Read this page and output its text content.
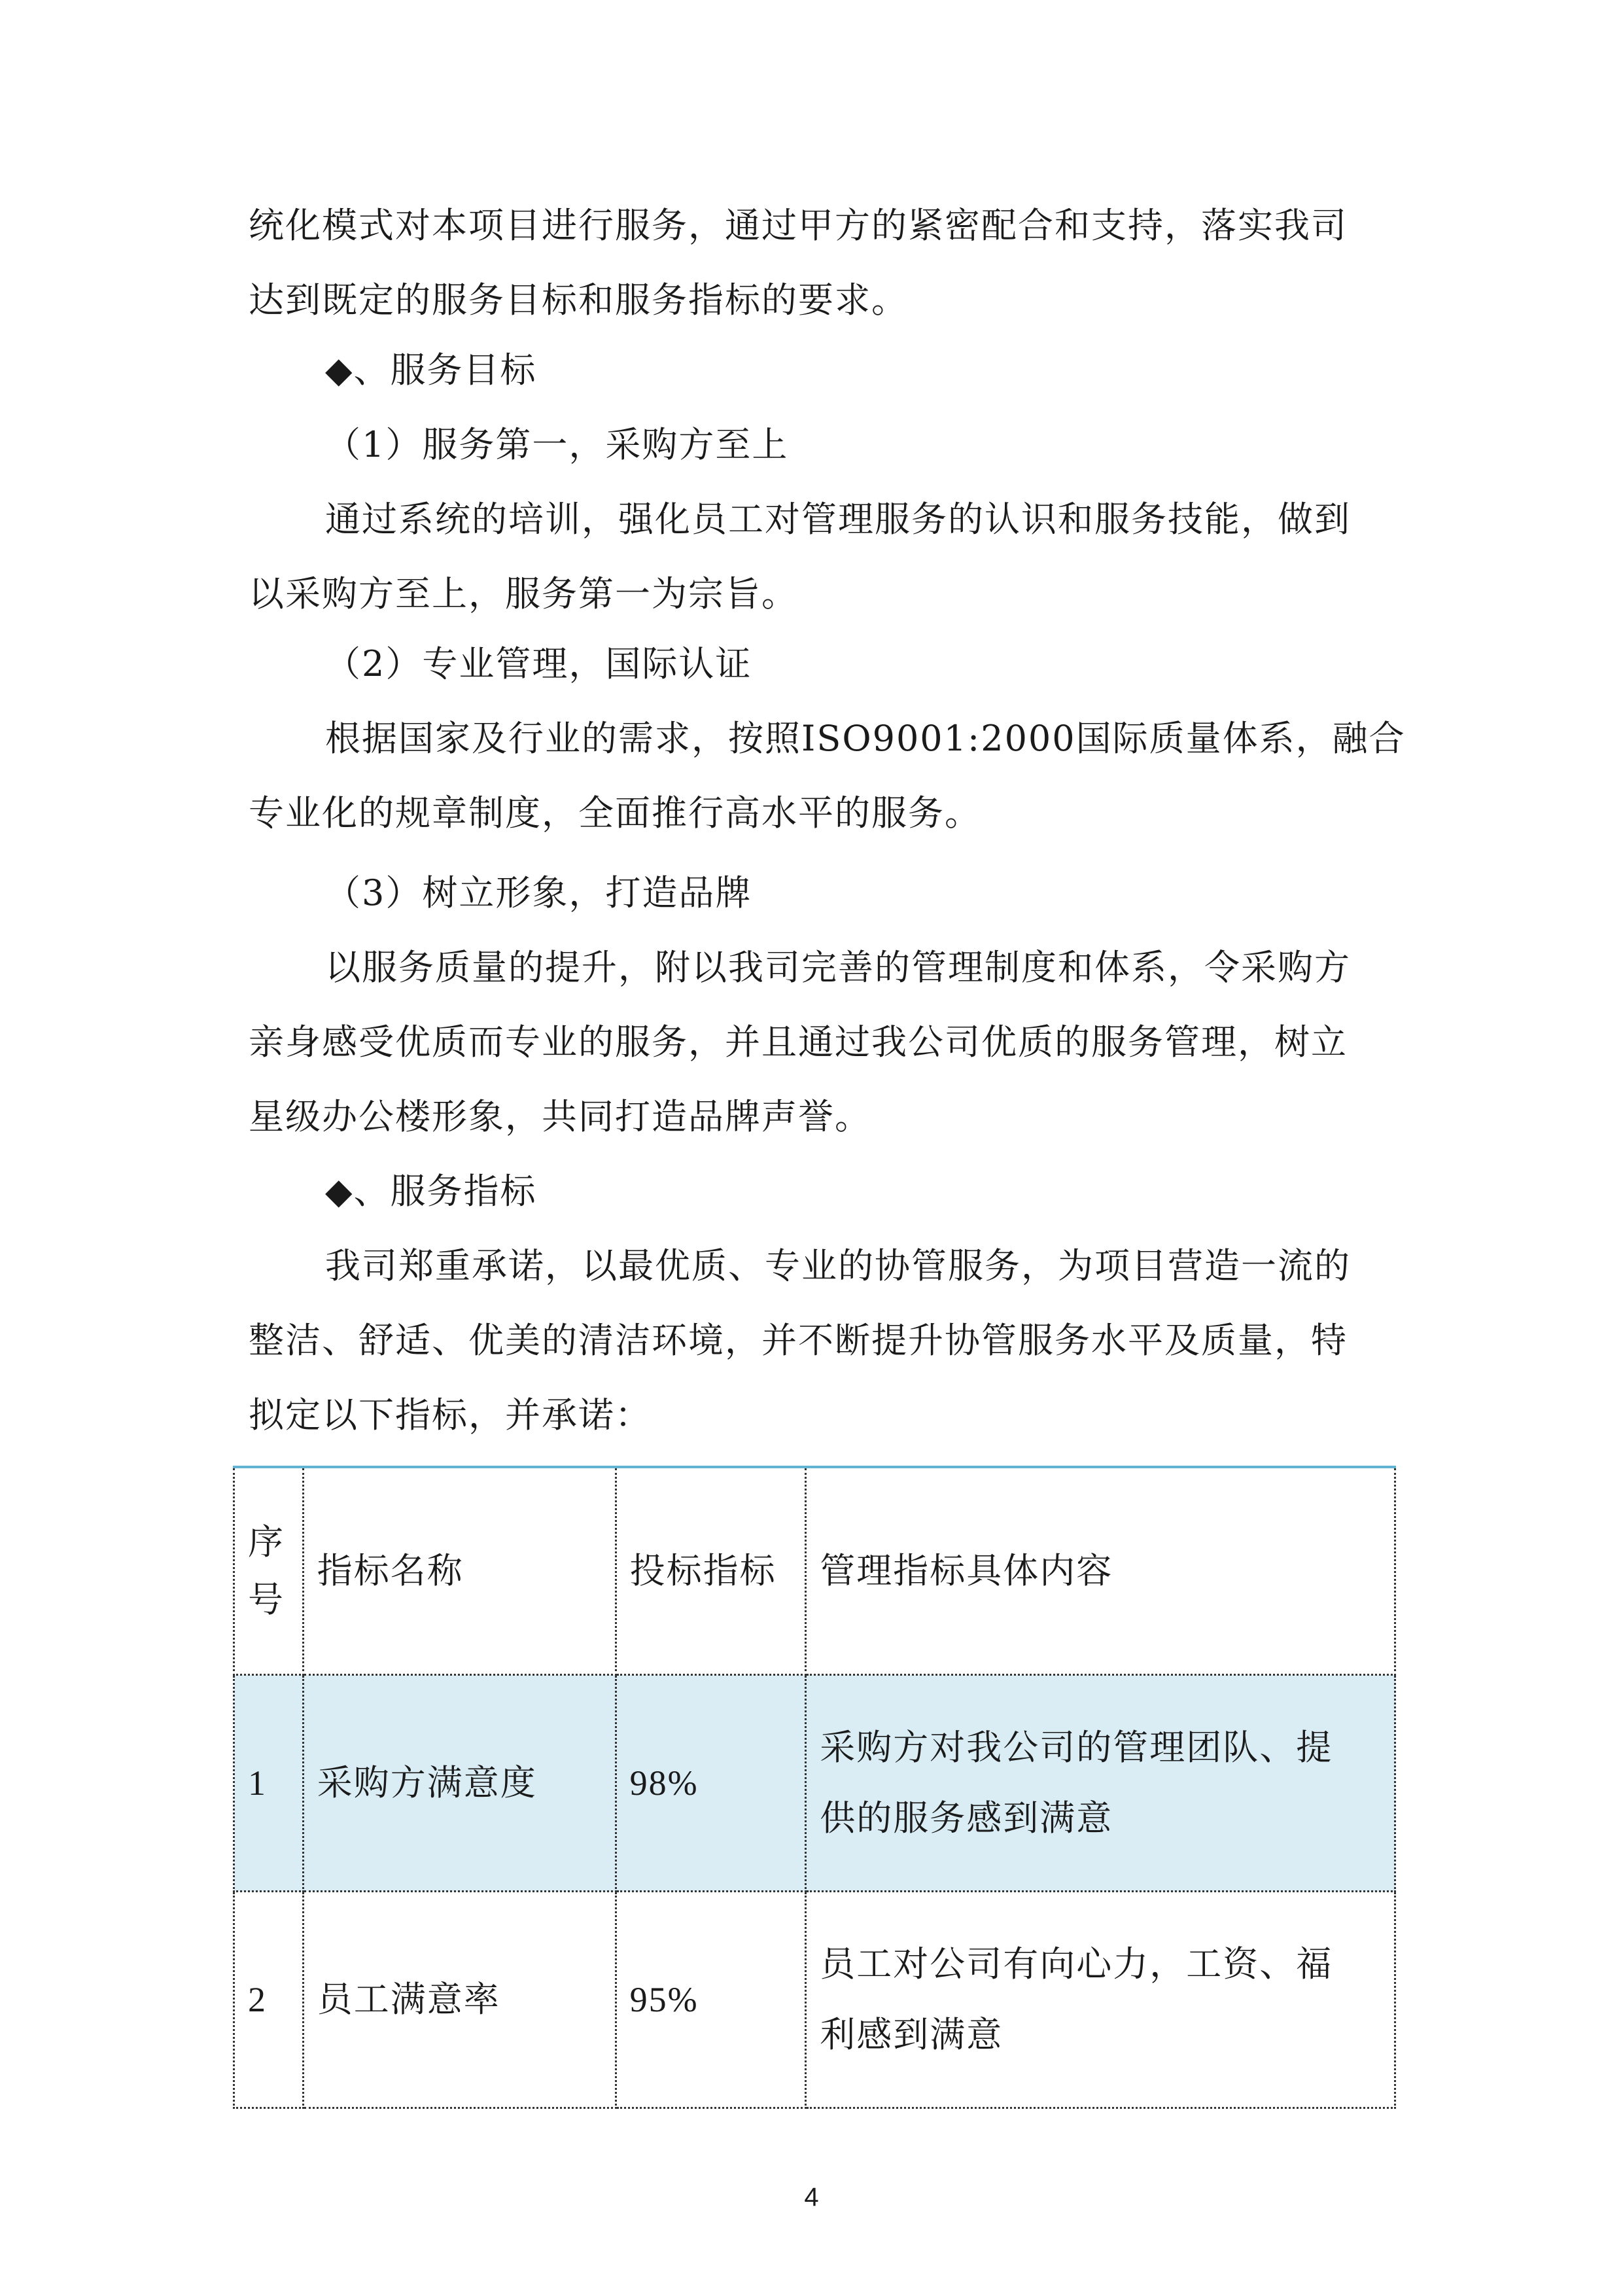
统化模式对本项目进行服务，通过甲方的紧密配合和支持，落实我司
达到既定的服务目标和服务指标的要求。
◆、服务目标
（1）服务第一，采购方至上
通过系统的培训，强化员工对管理服务的认识和服务技能，做到
以采购方至上，服务第一为宗旨。
（2）专业管理，国际认证
根据国家及行业的需求，按照ISO9001:2000国际质量体系，融合
专业化的规章制度，全面推行高水平的服务。
（3）树立形象，打造品牌
以服务质量的提升，附以我司完善的管理制度和体系，令采购方
亲身感受优质而专业的服务，并且通过我公司优质的服务管理，树立
星级办公楼形象，共同打造品牌声誉。
◆、服务指标
我司郑重承诺，以最优质、专业的协管服务，为项目营造一流的
整洁、舒适、优美的清洁环境，并不断提升协管服务水平及质量，特
拟定以下指标，并承诺：
序
号	指标名称	投标指标	管理指标具体内容
1	采购方满意度	98%	采购方对我公司的管理团队、提
供的服务感到满意

2	员工满意率	95%	员工对公司有向心力，工资、福
利感到满意
4
